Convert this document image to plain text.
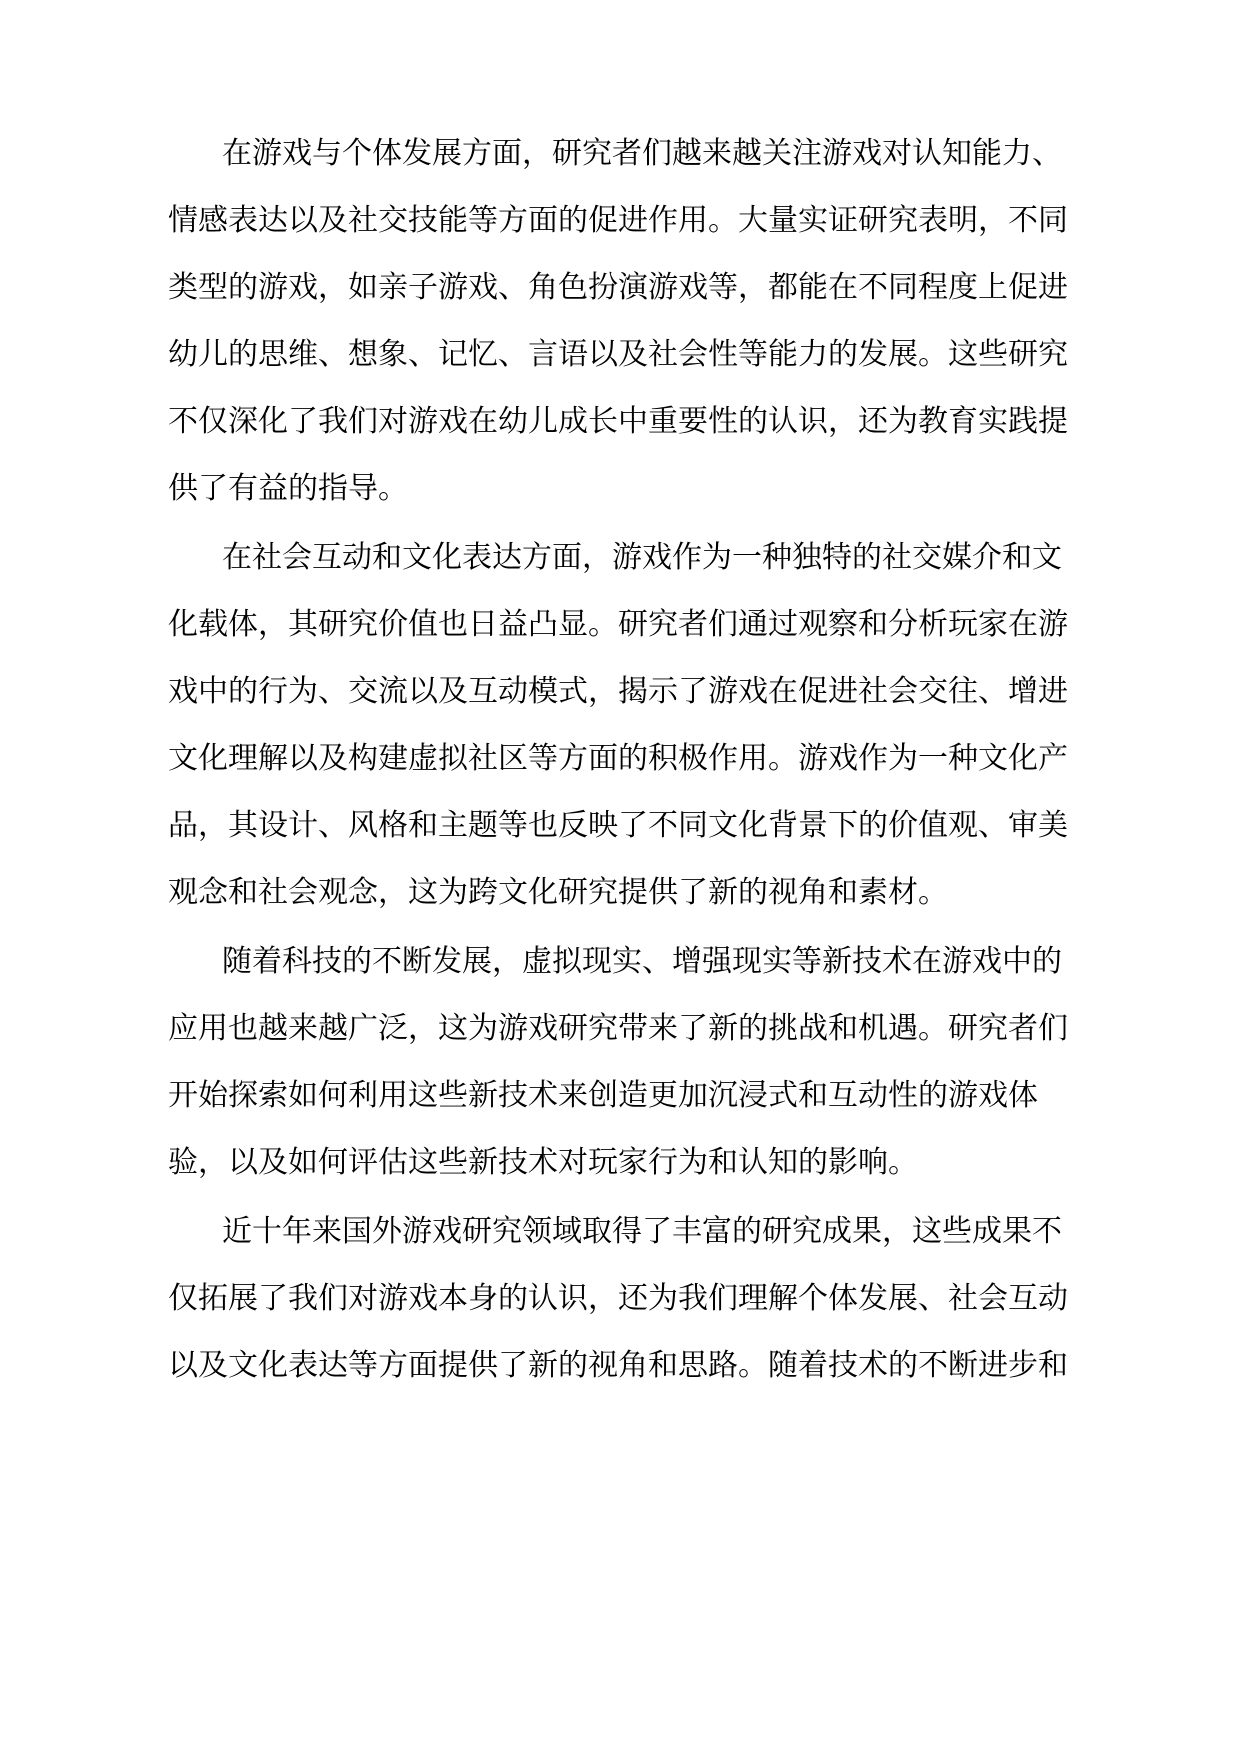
在游戏与个体发展方面，研究者们越来越关注游戏对认知能力、
情感表达以及社交技能等方面的促进作用。大量实证研究表明，不同
类型的游戏，如亲子游戏、角色扮演游戏等，都能在不同程度上促进
幼儿的思维、想象、记忆、言语以及社会性等能力的发展。这些研究
不仅深化了我们对游戏在幼儿成长中重要性的认识，还为教育实践提
供了有益的指导。
在社会互动和文化表达方面，游戏作为一种独特的社交媒介和文
化载体，其研究价值也日益凸显。研究者们通过观察和分析玩家在游
戏中的行为、交流以及互动模式，揭示了游戏在促进社会交往、增进
文化理解以及构建虚拟社区等方面的积极作用。游戏作为一种文化产
品，其设计、风格和主题等也反映了不同文化背景下的价值观、审美
观念和社会观念，这为跨文化研究提供了新的视角和素材。
随着科技的不断发展，虚拟现实、增强现实等新技术在游戏中的
应用也越来越广泛，这为游戏研究带来了新的挑战和机遇。研究者们
开始探索如何利用这些新技术来创造更加沉浸式和互动性的游戏体
验，以及如何评估这些新技术对玩家行为和认知的影响。
近十年来国外游戏研究领域取得了丰富的研究成果，这些成果不
仅拓展了我们对游戏本身的认识，还为我们理解个体发展、社会互动
以及文化表达等方面提供了新的视角和思路。随着技术的不断进步和
